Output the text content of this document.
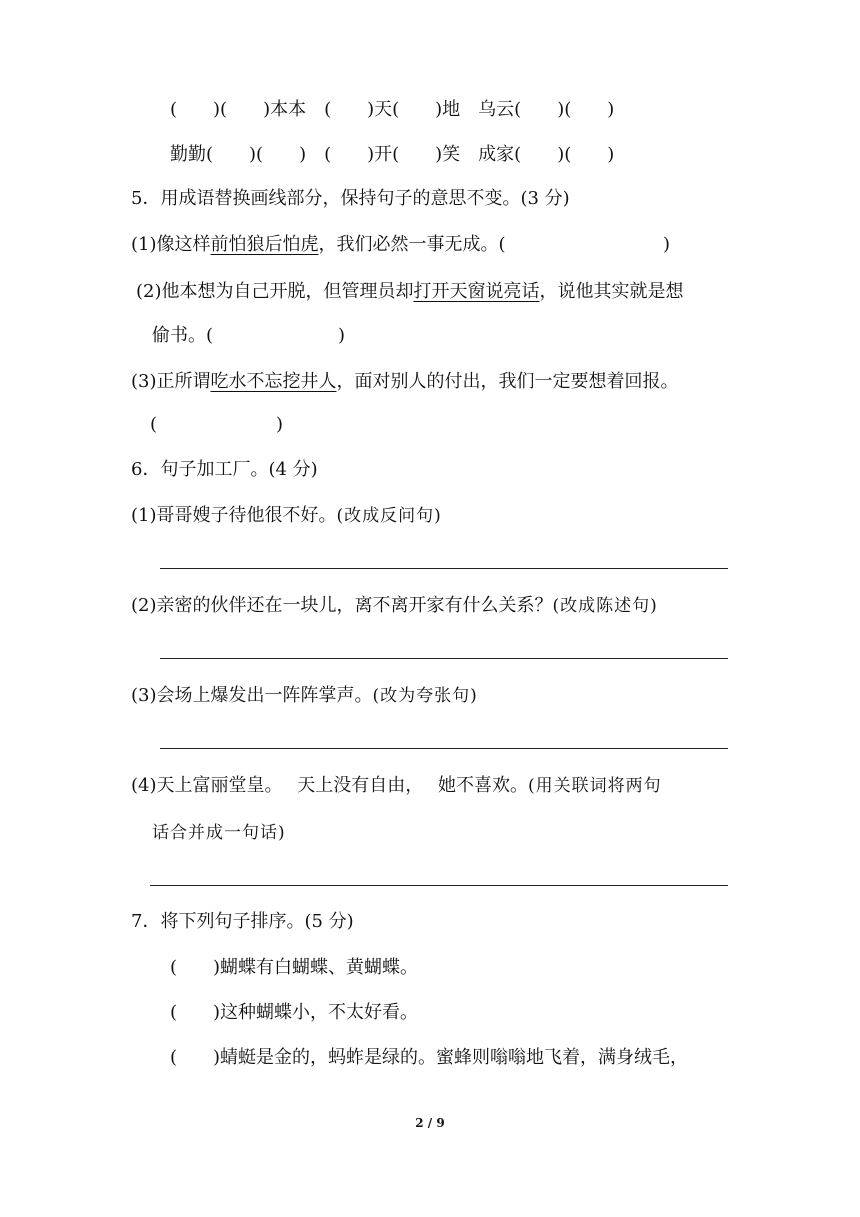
(　　)(　　)本本　(　　)天(　　)地　乌云(　　)(　　)
勤勤(　　)(　　)　(　　)开(　　)笑　成家(　　)(　　)
5．用成语替换画线部分，保持句子的意思不变。(3 分)
(1)像这样前怕狼后怕虎，我们必然一事无成。(	)
(2)他本想为自己开脱，但管理员却打开天窗说亮话，说他其实就是想
偷书。(	)
(3)正所谓吃水不忘挖井人，面对别人的付出，我们一定要想着回报。
(	)
6．句子加工厂。(4 分)
(1)哥哥嫂子待他很不好。(改成反问句)
(2)亲密的伙伴还在一块儿，离不离开家有什么关系？(改成陈述句)
(3)会场上爆发出一阵阵掌声。(改为夸张句)
(4)天上富丽堂皇。　 天上没有自由，　 她不喜欢。(用关联词将两句
话合并成一句话)
7．将下列句子排序。(5 分)
(　　)蝴蝶有白蝴蝶、黄蝴蝶。
(　　)这种蝴蝶小，不太好看。
(　　)蜻蜓是金的，蚂蚱是绿的。蜜蜂则嗡嗡地飞着，满身绒毛，
2 / 9
